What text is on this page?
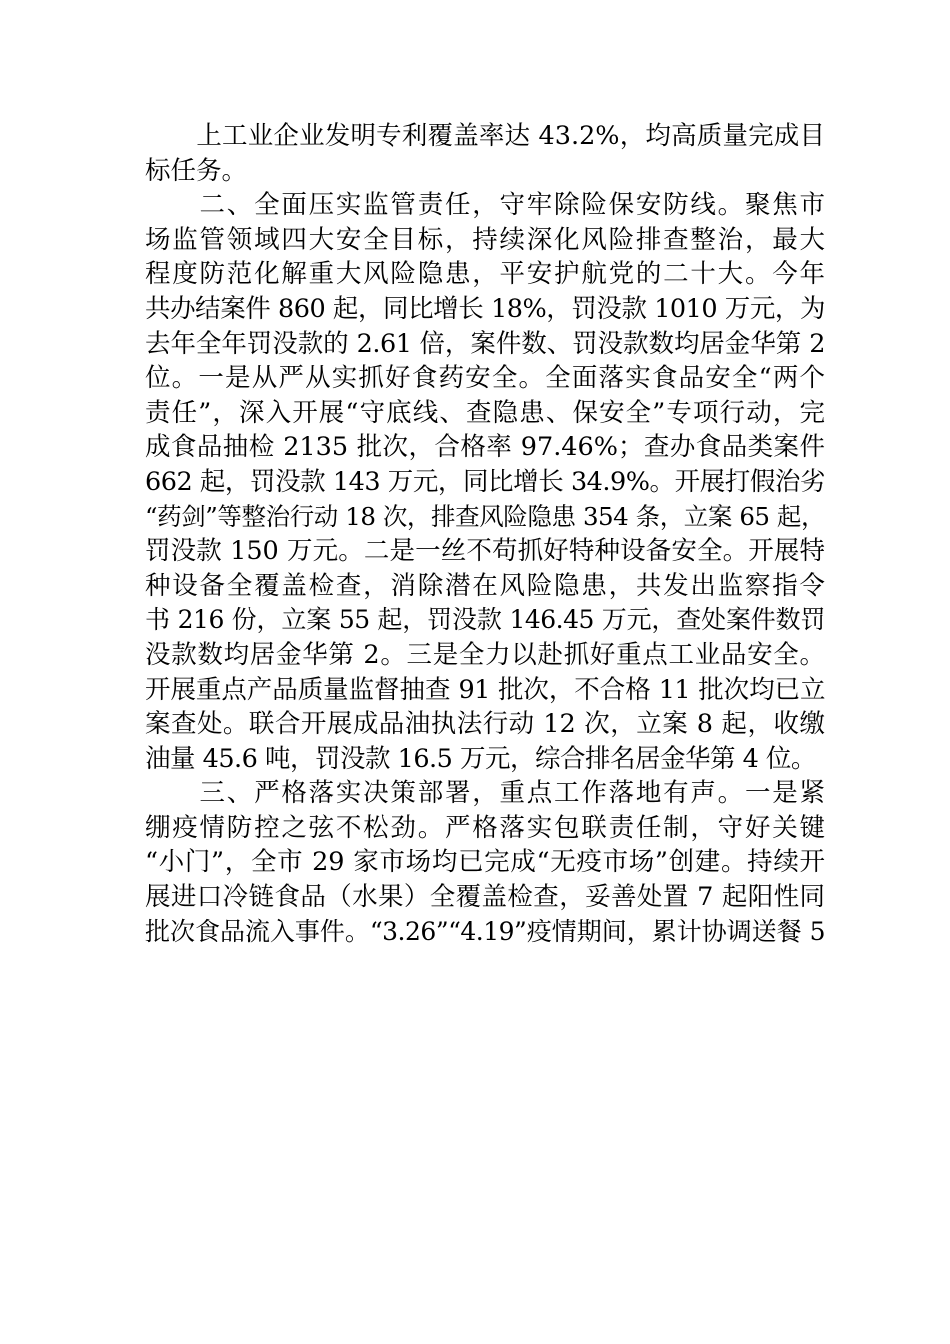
　　上工业企业发明专利覆盖率达 43.2%，均高质量完成目
标任务。
　　二、全面压实监管责任，守牢除险保安防线。聚焦市
场监管领域四大安全目标，持续深化风险排查整治，最大
程度防范化解重大风险隐患，平安护航党的二十大。今年
共办结案件 860 起，同比增长 18%，罚没款 1010 万元，为
去年全年罚没款的 2.61 倍，案件数、罚没款数均居金华第 2
位。一是从严从实抓好食药安全。全面落实食品安全“两个
责任”，深入开展“守底线、查隐患、保安全”专项行动，完
成食品抽检 2135 批次，合格率 97.46%；查办食品类案件
662 起，罚没款 143 万元，同比增长 34.9%。开展打假治劣
“药剑”等整治行动 18 次，排查风险隐患 354 条，立案 65 起，
罚没款 150 万元。二是一丝不苟抓好特种设备安全。开展特
种设备全覆盖检查，消除潜在风险隐患，共发出监察指令
书 216 份，立案 55 起，罚没款 146.45 万元，查处案件数罚
没款数均居金华第 2。三是全力以赴抓好重点工业品安全。
开展重点产品质量监督抽查 91 批次，不合格 11 批次均已立
案查处。联合开展成品油执法行动 12 次，立案 8 起，收缴
油量 45.6 吨，罚没款 16.5 万元，综合排名居金华第 4 位。
　　三、严格落实决策部署，重点工作落地有声。一是紧
绷疫情防控之弦不松劲。严格落实包联责任制，守好关键
“小门”，全市 29 家市场均已完成“无疫市场”创建。持续开
展进口冷链食品（水果）全覆盖检查，妥善处置 7 起阳性同
批次食品流入事件。“3.26”“4.19”疫情期间，累计协调送餐 5
